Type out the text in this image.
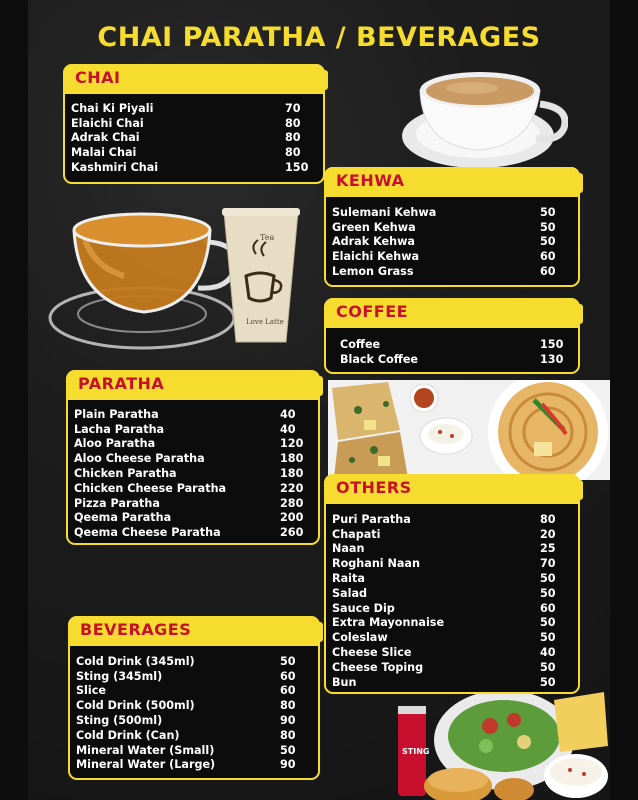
CHAI PARATHA / BEVERAGES
Tea
Love Latte
STING
CHAI
Chai Ki Piyali	70
Elaichi Chai	80
Adrak Chai	80
Malai Chai	80
Kashmiri Chai	150
KEHWA
Sulemani Kehwa	50
Green Kehwa	50
Adrak Kehwa	50
Elaichi Kehwa	60
Lemon Grass	60
COFFEE
Coffee	150
Black Coffee	130
PARATHA
Plain Paratha	40
Lacha Paratha	40
Aloo Paratha	120
Aloo Cheese Paratha	180
Chicken Paratha	180
Chicken Cheese Paratha	220
Pizza Paratha	280
Qeema Paratha	200
Qeema Cheese Paratha	260
OTHERS
Puri Paratha	80
Chapati	20
Naan	25
Roghani Naan	70
Raita	50
Salad	50
Sauce Dip	60
Extra Mayonnaise	50
Coleslaw	50
Cheese Slice	40
Cheese Toping	50
Bun	50
BEVERAGES
Cold Drink (345ml)	50
Sting (345ml)	60
Slice	60
Cold Drink (500ml)	80
Sting (500ml)	90
Cold Drink (Can)	80
Mineral Water (Small)	50
Mineral Water (Large)	90
